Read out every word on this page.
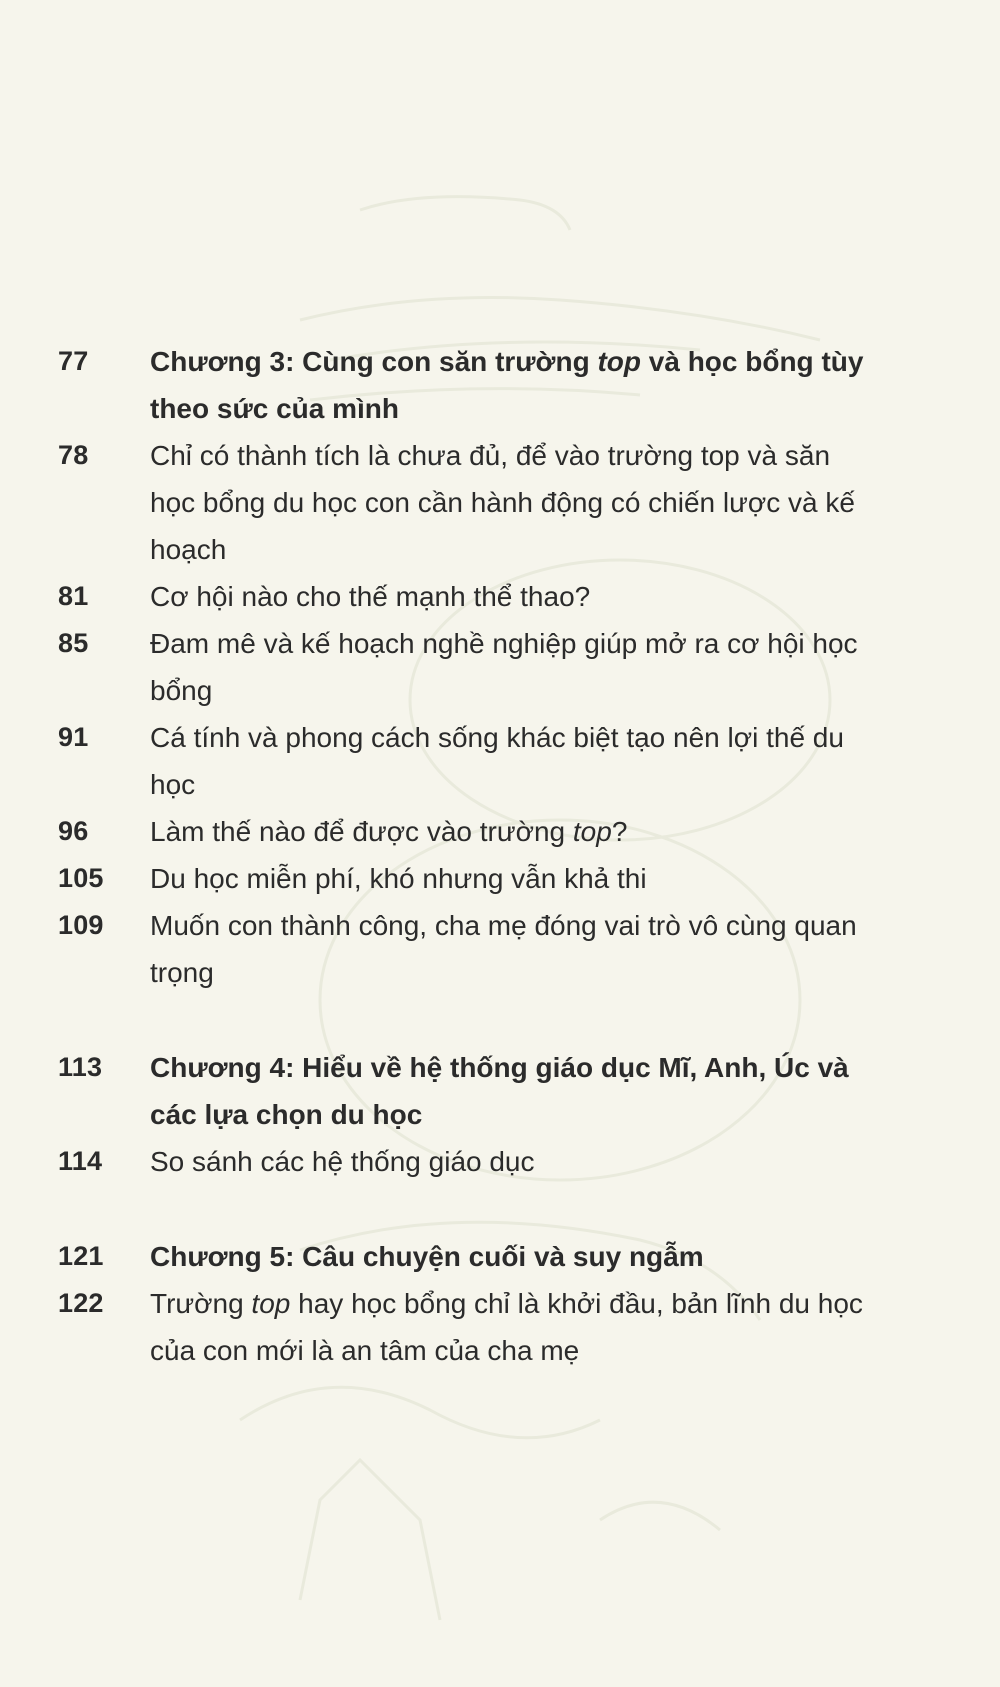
77	Chương 3: Cùng con săn trường top và học bổng tùy theo sức của mình
78	Chỉ có thành tích là chưa đủ, để vào trường top và săn học bổng du học con cần hành động có chiến lược và kế hoạch
81	Cơ hội nào cho thế mạnh thể thao?
85	Đam mê và kế hoạch nghề nghiệp giúp mở ra cơ hội học bổng
91	Cá tính và phong cách sống khác biệt tạo nên lợi thế du học
96	Làm thế nào để được vào trường top?
105	Du học miễn phí, khó nhưng vẫn khả thi
109	Muốn con thành công, cha mẹ đóng vai trò vô cùng quan trọng
113	Chương 4: Hiểu về hệ thống giáo dục Mĩ, Anh, Úc và các lựa chọn du học
114	So sánh các hệ thống giáo dục
121	Chương 5: Câu chuyện cuối và suy ngẫm
122	Trường top hay học bổng chỉ là khởi đầu, bản lĩnh du học của con mới là an tâm của cha mẹ
